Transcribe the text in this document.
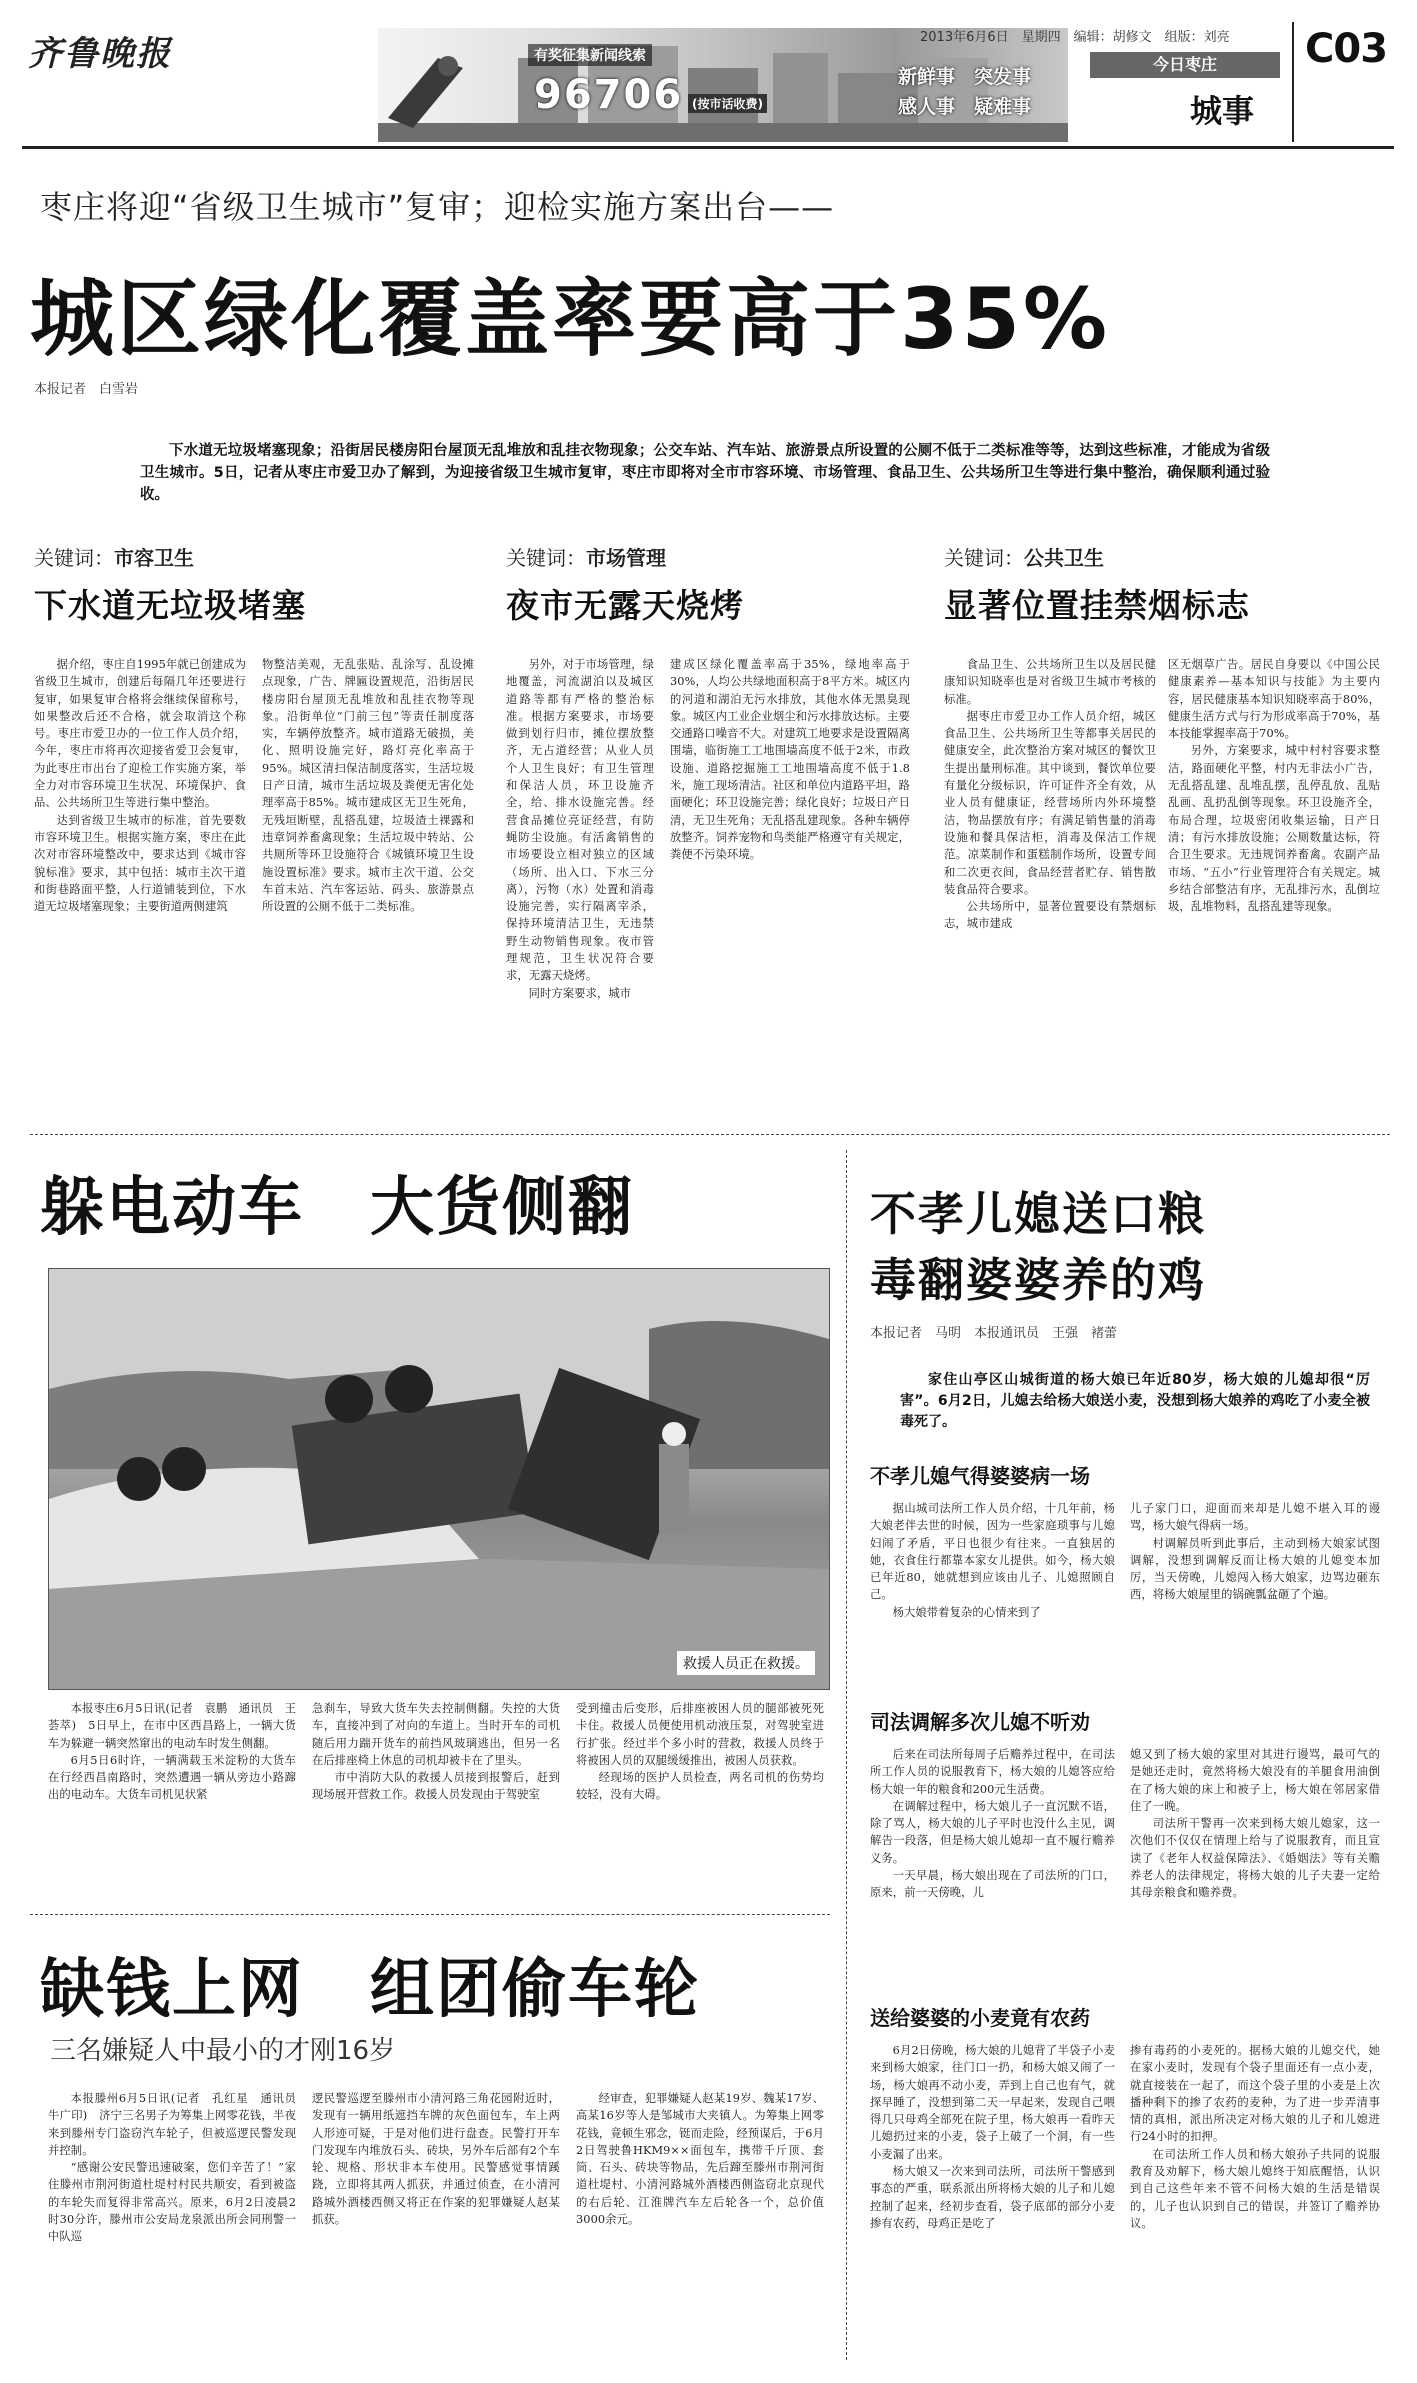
齐鲁晚报	有奖征集新闻线索
96706 (按市话收费)
新鲜事　突发事
感人事　疑难事
2013年6月6日　星期四　编辑：胡修文　组版：刘亮
今日枣庄
城事
C03
枣庄将迎“省级卫生城市”复审；迎检实施方案出台——
城区绿化覆盖率要高于35%
本报记者　白雪岩
下水道无垃圾堵塞现象；沿街居民楼房阳台屋顶无乱堆放和乱挂衣物现象；公交车站、汽车站、旅游景点所设置的公厕不低于二类标准等等，达到这些标准，才能成为省级卫生城市。5日，记者从枣庄市爱卫办了解到，为迎接省级卫生城市复审，枣庄市即将对全市市容环境、市场管理、食品卫生、公共场所卫生等进行集中整治，确保顺利通过验收。
关键词：市容卫生
下水道无垃圾堵塞

据介绍，枣庄自1995年就已创建成为省级卫生城市，创建后每隔几年还要进行复审，如果复审合格将会继续保留称号，如果整改后还不合格，就会取消这个称号。枣庄市爱卫办的一位工作人员介绍，今年，枣庄市将再次迎接省爱卫会复审，为此枣庄市出台了迎检工作实施方案，举全力对市容环境卫生状况、环境保护、食品、公共场所卫生等进行集中整治。

达到省级卫生城市的标准，首先要数市容环境卫生。根据实施方案，枣庄在此次对市容环境整改中，要求达到《城市容貌标准》要求，其中包括：城市主次干道和街巷路面平整，人行道铺装到位，下水道无垃圾堵塞现象；主要街道两侧建筑

物整洁美观，无乱张贴、乱涂写、乱设摊点现象，广告、牌匾设置规范，沿街居民楼房阳台屋顶无乱堆放和乱挂衣物等现象。沿街单位“门前三包”等责任制度落实，车辆停放整齐。城市道路无破损，美化、照明设施完好，路灯亮化率高于95%。城区清扫保洁制度落实，生活垃圾日产日清，城市生活垃圾及粪便无害化处理率高于85%。城市建成区无卫生死角，无残垣断壁，乱搭乱建，垃圾渣土裸露和违章饲养畜禽现象；生活垃圾中转站、公共厕所等环卫设施符合《城镇环境卫生设施设置标准》要求。城市主次干道、公交车首末站、汽车客运站、码头、旅游景点所设置的公厕不低于二类标准。

关键词：市场管理
夜市无露天烧烤

另外，对于市场管理，绿地覆盖，河流湖泊以及城区道路等都有严格的整治标准。根据方案要求，市场要做到划行归市，摊位摆放整齐，无占道经营；从业人员个人卫生良好；有卫生管理和保洁人员，环卫设施齐全，给、排水设施完善。经营食品摊位亮证经营，有防蝇防尘设施。有活禽销售的市场要设立相对独立的区域（场所、出入口、下水三分离），污物（水）处置和消毒设施完善，实行隔离宰杀，保持环境清洁卫生，无违禁野生动物销售现象。夜市管理规范，卫生状况符合要求，无露天烧烤。

同时方案要求，城市

建成区绿化覆盖率高于35%，绿地率高于30%，人均公共绿地面积高于8平方米。城区内的河道和湖泊无污水排放，其他水体无黑臭现象。城区内工业企业烟尘和污水排放达标。主要交通路口噪音不大。对建筑工地要求是设置隔离围墙，临街施工工地围墙高度不低于2米，市政设施、道路挖掘施工工地围墙高度不低于1.8米，施工现场清洁。社区和单位内道路平坦，路面硬化；环卫设施完善；绿化良好；垃圾日产日清，无卫生死角；无乱搭乱建现象。各种车辆停放整齐。饲养宠物和鸟类能严格遵守有关规定，粪便不污染环境。

关键词：公共卫生
显著位置挂禁烟标志

食品卫生、公共场所卫生以及居民健康知识知晓率也是对省级卫生城市考核的标准。

据枣庄市爱卫办工作人员介绍，城区食品卫生、公共场所卫生等都事关居民的健康安全，此次整治方案对城区的餐饮卫生提出量刑标准。其中谈到，餐饮单位要有量化分级标识，许可证件齐全有效，从业人员有健康证，经营场所内外环境整洁，物品摆放有序；有满足销售量的消毒设施和餐具保洁柜，消毒及保洁工作规范。凉菜制作和蛋糕制作场所，设置专间和二次更衣间，食品经营者贮存、销售散装食品符合要求。

公共场所中，显著位置要设有禁烟标志，城市建成

区无烟草广告。居民自身要以《中国公民健康素养—基本知识与技能》为主要内容，居民健康基本知识知晓率高于80%，健康生活方式与行为形成率高于70%，基本技能掌握率高于70%。

另外，方案要求，城中村村容要求整洁，路面硬化平整，村内无非法小广告，无乱搭乱建、乱堆乱摆，乱停乱放、乱贴乱画、乱扔乱倒等现象。环卫设施齐全，布局合理，垃圾密闭收集运输，日产日清；有污水排放设施；公厕数量达标，符合卫生要求。无违规饲养畜禽。农副产品市场、“五小”行业管理符合有关规定。城乡结合部整洁有序，无乱排污水，乱倒垃圾，乱堆物料，乱搭乱建等现象。

躲电动车　大货侧翻
救援人员正在救援。

本报枣庄6月5日讯(记者　袁鹏　通讯员　王荟萃)　5日早上，在市中区西昌路上，一辆大货车为躲避一辆突然窜出的电动车时发生侧翻。

6月5日6时许，一辆满载玉米淀粉的大货车在行经西昌南路时，突然遭遇一辆从旁边小路蹿出的电动车。大货车司机见状紧

急刹车，导致大货车失去控制侧翻。失控的大货车，直接冲到了对向的车道上。当时开车的司机随后用力踹开货车的前挡风玻璃逃出，但另一名在后排座椅上休息的司机却被卡在了里头。

市中消防大队的救援人员接到报警后，赶到现场展开营救工作。救援人员发现由于驾驶室

受到撞击后变形，后排座被困人员的腿部被死死卡住。救援人员便使用机动液压泵，对驾驶室进行扩张。经过半个多小时的营救，救援人员终于将被困人员的双腿缓缓推出，被困人员获救。

经现场的医护人员检查，两名司机的伤势均较轻，没有大碍。

缺钱上网　组团偷车轮
三名嫌疑人中最小的才刚16岁

本报滕州6月5日讯(记者　孔红星　通讯员　牛广印)　济宁三名男子为筹集上网零花钱，半夜来到滕州专门盗窃汽车轮子，但被巡逻民警发现并控制。

“感谢公安民警迅速破案，您们辛苦了！”家住滕州市荆河街道杜堤村村民共顺安，看到被盗的车轮失而复得非常高兴。原来，6月2日凌晨2时30分许，滕州市公安局龙泉派出所会同刑警一中队巡

逻民警巡逻至滕州市小清河路三角花园附近时，发现有一辆用纸遮挡车牌的灰色面包车，车上两人形迹可疑，于是对他们进行盘查。民警打开车门发现车内堆放石头、砖块，另外车后部有2个车轮、规格、形状非本车使用。民警感觉事情蹊跷，立即将其两人抓获，并通过侦查，在小清河路城外酒楼西侧又将正在作案的犯罪嫌疑人赵某抓获。

经审查，犯罪嫌疑人赵某19岁、魏某17岁、高某16岁等人是邹城市大夹镇人。为筹集上网零花钱，竟顿生邪念，铤而走险，经预谋后，于6月2日驾驶鲁HKM9××面包车，携带千斤顶、套筒、石头、砖块等物品，先后蹿至滕州市荆河街道杜堤村、小清河路城外酒楼西侧盗窃北京现代的右后轮、江淮牌汽车左后轮各一个，总价值3000余元。

不孝儿媳送口粮
毒翻婆婆养的鸡
本报记者　马明　本报通讯员　王强　褚蕾
家住山亭区山城街道的杨大娘已年近80岁，杨大娘的儿媳却很“厉害”。6月2日，儿媳去给杨大娘送小麦，没想到杨大娘养的鸡吃了小麦全被毒死了。
不孝儿媳气得婆婆病一场

据山城司法所工作人员介绍，十几年前，杨大娘老伴去世的时候，因为一些家庭琐事与儿媳妇闹了矛盾，平日也很少有往来。一直独居的她，衣食住行都靠本家女儿提供。如今，杨大娘已年近80，她就想到应该由儿子、儿媳照顾自己。

杨大娘带着复杂的心情来到了

儿子家门口，迎面而来却是儿媳不堪入耳的谩骂，杨大娘气得病一场。

村调解员听到此事后，主动到杨大娘家试图调解，没想到调解反而让杨大娘的儿媳变本加厉，当天傍晚，儿媳闯入杨大娘家，边骂边砸东西，将杨大娘屋里的锅碗瓢盆砸了个遍。

司法调解多次儿媳不听劝

后来在司法所每周子后赡养过程中，在司法所工作人员的说服教育下，杨大娘的儿媳答应给杨大娘一年的粮食和200元生活费。

在调解过程中，杨大娘儿子一直沉默不语，除了骂人，杨大娘的儿子平时也没什么主见，调解告一段落，但是杨大娘儿媳却一直不履行赡养义务。

一天早晨，杨大娘出现在了司法所的门口，原来，前一天傍晚，儿

媳又到了杨大娘的家里对其进行谩骂，最可气的是她还走时，竟然将杨大娘没有的羊腿食用油倒在了杨大娘的床上和被子上，杨大娘在邻居家借住了一晚。

司法所干警再一次来到杨大娘儿媳家，这一次他们不仅仅在情理上给与了说服教育，而且宣读了《老年人权益保障法》、《婚姻法》等有关赡养老人的法律规定，将杨大娘的儿子夫妻一定给其母亲粮食和赡养费。

送给婆婆的小麦竟有农药

6月2日傍晚，杨大娘的儿媳背了半袋子小麦来到杨大娘家，往门口一扔，和杨大娘又闹了一场，杨大娘再不动小麦，弄到上自己也有气，就探早睡了，没想到第二天一早起来，发现自己喂得几只母鸡全部死在院子里，杨大娘再一看昨天儿媳扔过来的小麦，袋子上破了一个洞，有一些小麦漏了出来。

杨大娘又一次来到司法所，司法所干警感到事态的严重，联系派出所将杨大娘的儿子和儿媳控制了起来，经初步查看，袋子底部的部分小麦掺有农药，母鸡正是吃了

掺有毒药的小麦死的。据杨大娘的儿媳交代，她在家小麦时，发现有个袋子里面还有一点小麦，就直接装在一起了，而这个袋子里的小麦是上次播种剩下的掺了农药的麦种，为了进一步弄清事情的真相，派出所决定对杨大娘的儿子和儿媳进行24小时的扣押。

在司法所工作人员和杨大娘孙子共同的说服教育及劝解下，杨大娘儿媳终于知底醒悟，认识到自己这些年来不管不问杨大娘的生活是错误的，儿子也认识到自己的错误，并签订了赡养协议。
